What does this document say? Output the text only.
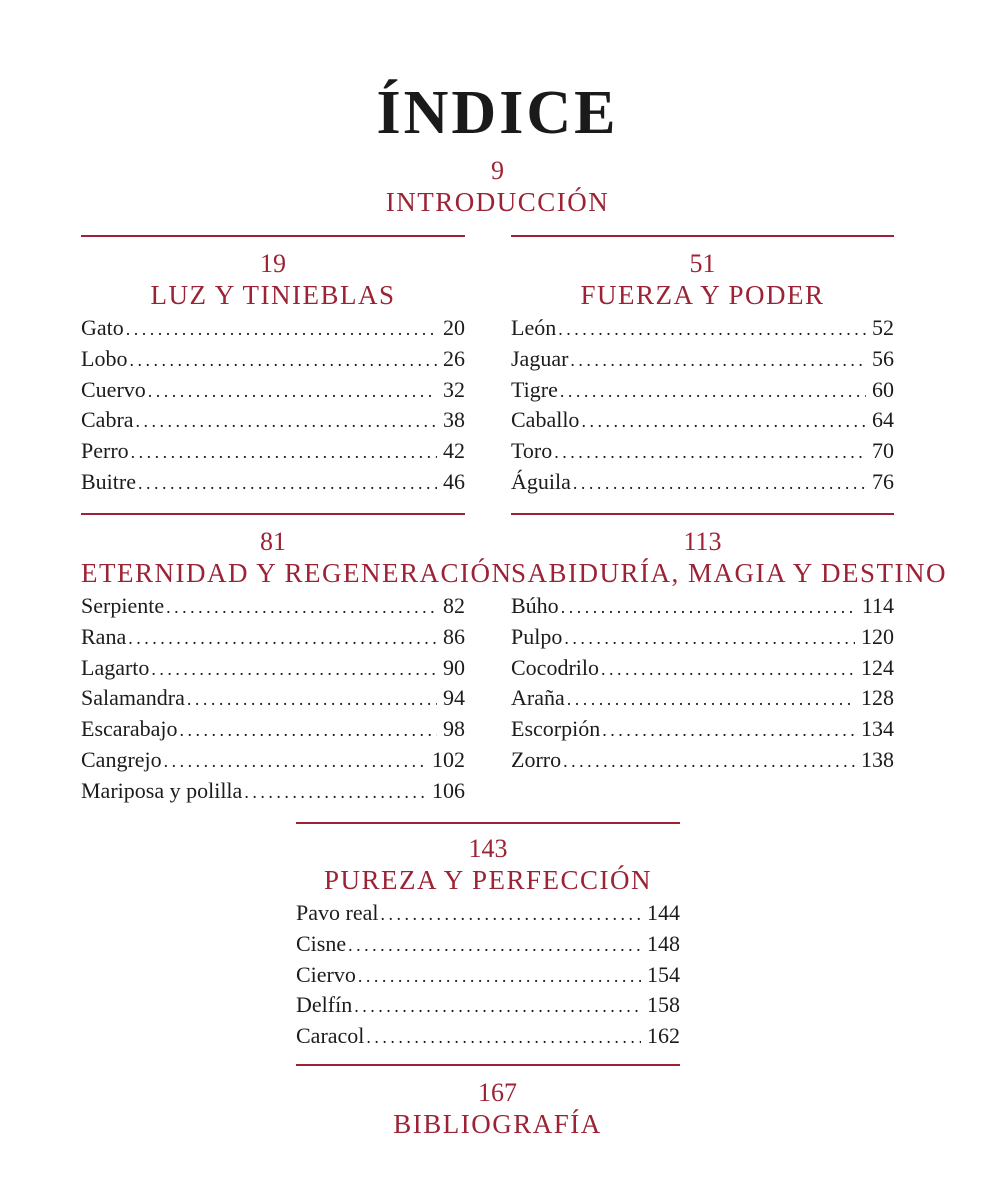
ÍNDICE
9
INTRODUCCIÓN
19
LUZ Y TINIEBLAS
Gato . . .	20
Lobo . . .	26
Cuervo . . .	32
Cabra . . .	38
Perro . . .	42
Buitre . . .	46
51
FUERZA Y PODER
León . . .	52
Jaguar . . .	56
Tigre . . .	60
Caballo . . .	64
Toro . . .	70
Águila . . .	76
81
ETERNIDAD Y REGENERACIÓN
Serpiente . . .	82
Rana . . .	86
Lagarto . . .	90
Salamandra . . .	94
Escarabajo . . .	98
Cangrejo . . .	102
Mariposa y polilla . . .	106
113
SABIDURÍA, MAGIA Y DESTINO
Búho . . .	114
Pulpo . . .	120
Cocodrilo . . .	124
Araña . . .	128
Escorpión . . .	134
Zorro . . .	138
143
PUREZA Y PERFECCIÓN
Pavo real . . .	144
Cisne . . .	148
Ciervo . . .	154
Delfín . . .	158
Caracol . . .	162
167
BIBLIOGRAFÍA
